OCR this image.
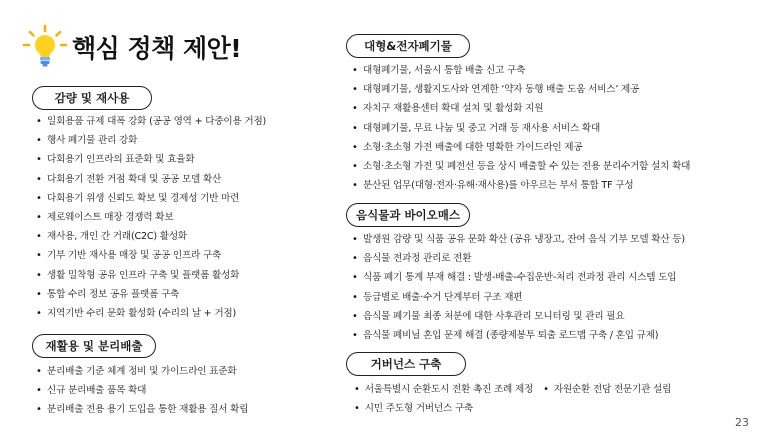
핵심 정책 제안!
감량 및 재사용
• 일회용품 규제 대폭 강화 (공공 영역 + 다중이용 거점)
• 행사 폐기물 관리 강화
• 다회용기 인프라의 표준화 및 효율화
• 다회용기 전환 거점 확대 및 공공 모델 확산
• 다회용기 위생 신뢰도 확보 및 경제성 기반 마련
• 제로웨이스트 매장 경쟁력 확보
• 재사용, 개인 간 거래(C2C) 활성화
• 기부 기반 재사용 매장 및 공공 인프라 구축
• 생활 밀착형 공유 인프라 구축 및 플랫폼 활성화
• 통합 수리 정보 공유 플랫폼 구축
• 지역기반 수리 문화 활성화 (수리의 날 + 거점)
재활용 및 분리배출
• 분리배출 기준 체계 정비 및 가이드라인 표준화
• 신규 분리배출 품목 확대
• 분리배출 전용 용기 도입을 통한 재활용 질서 확립
대형&전자폐기물
• 대형폐기물, 서울시 통합 배출 신고 구축
• 대형폐기물, 생활지도사와 연계한 ‘약자 동행 배출 도움 서비스’ 제공
• 자치구 재활용센터 확대 설치 및 활성화 지원
• 대형폐기물, 무료 나눔 및 중고 거래 등 재사용 서비스 확대
• 소형·초소형 가전 배출에 대한 명확한 가이드라인 제공
• 소형·초소형 가전 및 폐전선 등을 상시 배출할 수 있는 전용 분리수거함 설치 확대
• 분산된 업무(대형·전자·유해·재사용)를 아우르는 부서 통합 TF 구성
음식물과 바이오매스
• 발생원 감량 및 식품 공유 문화 확산 (공유 냉장고, 잔여 음식 기부 모델 확산 등)
• 음식물 전과정 관리로 전환
• 식품 폐기 통계 부재 해결 : 발생-배출-수집운반-처리 전과정 관리 시스템 도입
• 등급별로 배출·수거 단계부터 구조 재편
• 음식물 폐기물 최종 처분에 대한 사후관리 모니터링 및 관리 필요
• 음식물 폐비닐 혼입 문제 해결 (종량제봉투 퇴출 로드맵 구축 / 혼입 규제)
거버넌스 구축
• 서울특별시 순환도시 전환 촉진 조례 제정• 자원순환 전담 전문기관 설립
• 시민 주도형 거버넌스 구축
23
